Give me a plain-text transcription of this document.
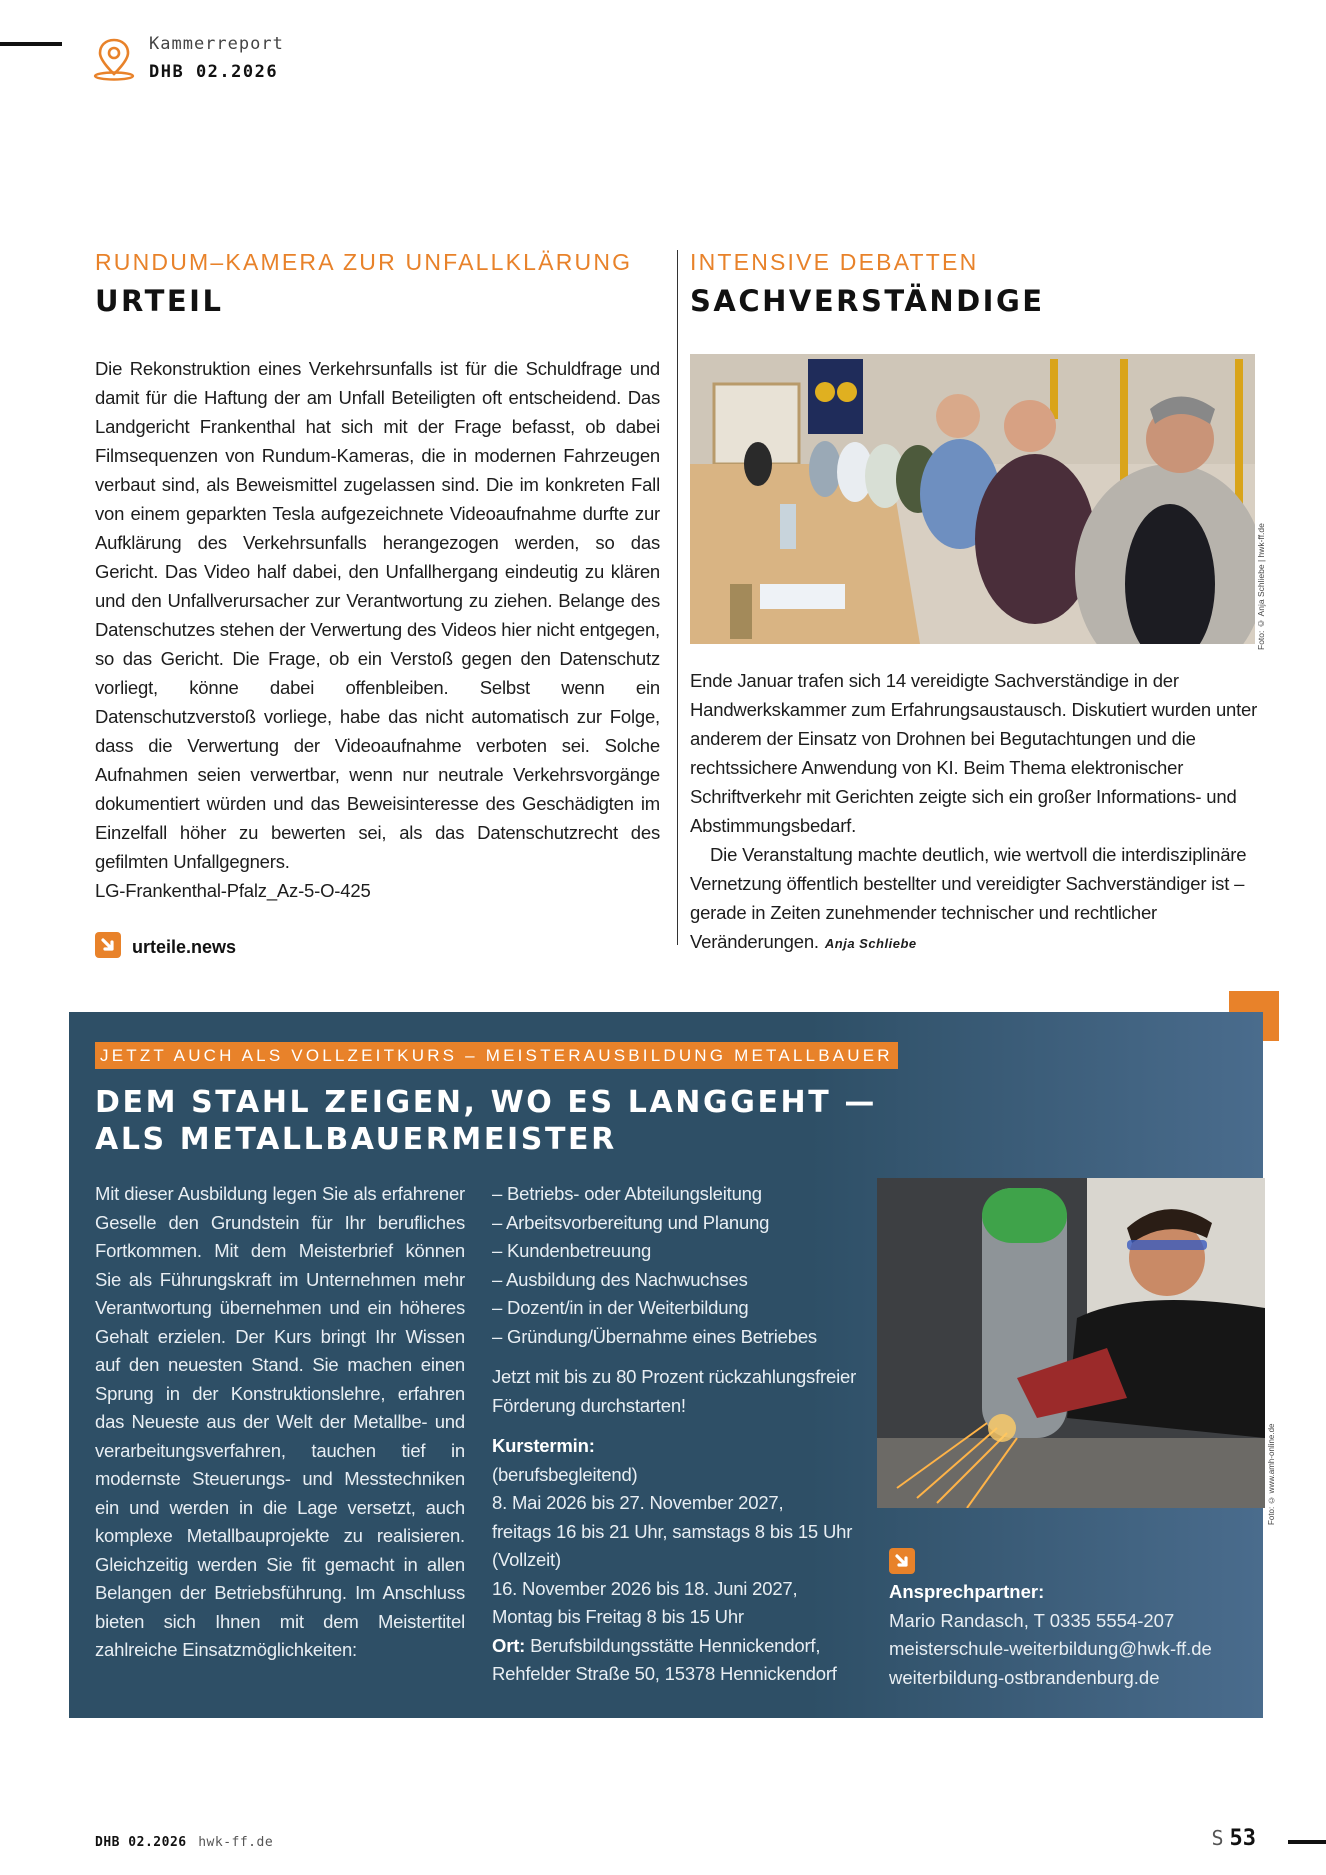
Kammerreport
DHB 02.2026
RUNDUM–KAMERA ZUR UNFALLKLÄRUNG
URTEIL

Die Rekonstruktion eines Verkehrsunfalls ist für die Schuldfrage und damit für die Haftung der am Unfall Beteiligten oft entscheidend. Das Landgericht Frankenthal hat sich mit der Frage befasst, ob dabei Filmsequenzen von Rundum-Kameras, die in modernen Fahrzeugen verbaut sind, als Beweismittel zugelassen sind. Die im konkreten Fall von einem geparkten Tesla aufgezeichnete Videoaufnahme durfte zur Aufklärung des Verkehrsunfalls herangezogen werden, so das Gericht. Das Video half dabei, den Unfallhergang eindeutig zu klären und den Unfallverursacher zur Verantwortung zu ziehen. Belange des Datenschutzes stehen der Verwertung des Videos hier nicht entgegen, so das Gericht. Die Frage, ob ein Verstoß gegen den Datenschutz vorliegt, könne dabei offenbleiben. Selbst wenn ein Datenschutzverstoß vorliege, habe das nicht automatisch zur Folge, dass die Verwertung der Videoaufnahme verboten sei. Solche Aufnahmen seien verwertbar, wenn nur neutrale Verkehrsvorgänge dokumentiert würden und das Beweisinteresse des Geschädigten im Einzelfall höher zu bewerten sei, als das Datenschutzrecht des gefilmten Unfallgegners.

LG-Frankenthal-Pfalz_Az-5-O-425

urteile.news
INTENSIVE DEBATTEN
SACHVERSTÄNDIGE

Ende Januar trafen sich 14 vereidigte Sachverständige in der Handwerkskammer zum Erfahrungsaustausch. Diskutiert wurden unter anderem der Einsatz von Drohnen bei Begutachtungen und die rechtssichere Anwendung von KI. Beim Thema elektronischer Schriftverkehr mit Gerichten zeigte sich ein großer Informations- und Abstimmungsbedarf.

Die Veranstaltung machte deutlich, wie wertvoll die interdisziplinäre Vernetzung öffentlich bestellter und vereidigter Sachverständiger ist – gerade in Zeiten zunehmender technischer und rechtlicher Veränderungen. Anja Schliebe

Foto: © Anja Schliebe | hwk-ff.de
JETZT AUCH ALS VOLLZEITKURS – MEISTERAUSBILDUNG METALLBAUER
DEM STAHL ZEIGEN, WO ES LANGGEHT —
ALS METALLBAUERMEISTER
Mit dieser Ausbildung legen Sie als erfahrener Geselle den Grundstein für Ihr berufliches Fortkommen. Mit dem Meisterbrief können Sie als Führungskraft im Unternehmen mehr Verantwortung übernehmen und ein höheres Gehalt erzielen. Der Kurs bringt Ihr Wissen auf den neuesten Stand. Sie machen einen Sprung in der Konstruktionslehre, erfahren das Neueste aus der Welt der Metallbe- und verarbeitungsverfahren, tauchen tief in modernste Steuerungs- und Messtechniken ein und werden in die Lage versetzt, auch komplexe Metallbauprojekte zu realisieren. Gleichzeitig werden Sie fit gemacht in allen Belangen der Betriebsführung. Im Anschluss bieten sich Ihnen mit dem Meistertitel zahlreiche Einsatzmöglichkeiten:
– Betriebs- oder Abteilungsleitung
– Arbeitsvorbereitung und Planung
– Kundenbetreuung
– Ausbildung des Nachwuchses
– Dozent/in in der Weiterbildung
– Gründung/Übernahme eines Betriebes

Jetzt mit bis zu 80 Prozent rückzahlungsfreier Förderung durchstarten!

Kurstermin:

(berufsbegleitend)

8. Mai 2026 bis 27. November 2027,

freitags 16 bis 21 Uhr, samstags 8 bis 15 Uhr

(Vollzeit)

16. November 2026 bis 18. Juni 2027,

Montag bis Freitag 8 bis 15 Uhr

Ort: Berufsbildungsstätte Hennickendorf,

Rehfelder Straße 50, 15378 Hennickendorf

Ansprechpartner:

Mario Randasch, T 0335 5554-207

meisterschule-weiterbildung@hwk-ff.de

weiterbildung-ostbrandenburg.de

Foto: © www.amh-online.de
DHB 02.2026 hwk-ff.de	S 53
